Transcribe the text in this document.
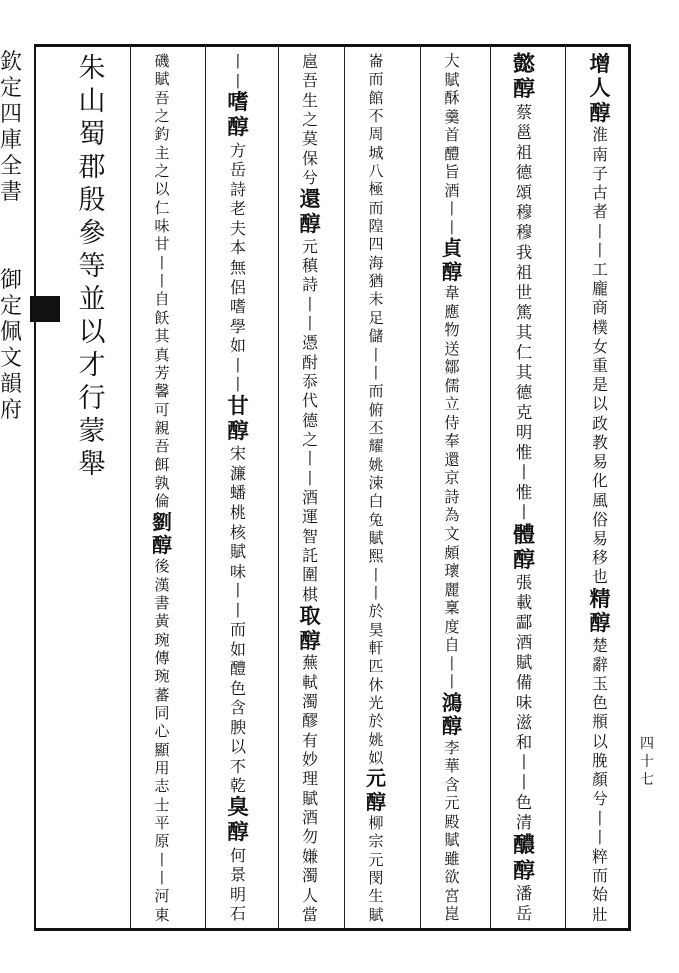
欽定四庫全書
御定佩文韻府
四
十
七
增
人
醇
淮
南
子
古
者
丨
丨
工
龐
商
樸
女
重
是
以
政
教
易
化
風
俗
易
移
也
精
醇
楚
辭
玉
色
頩
以
脕
顏
兮
丨
丨
粹
而
始
壯
懿
醇
蔡
邕
祖
德
頌
穆
穆
我
祖
世
篤
其
仁
其
德
克
明
惟
丨
惟
丨
體
醇
張
載
酃
酒
賦
備
味
滋
和
丨
丨
色
清
醲
醇
潘
岳
大
賦
酥
羹
首
醴
旨
酒
丨
丨
貞
醇
韋
應
物
送
鄒
儒
立
侍
奉
還
京
詩
為
文
頗
瓌
麗
稟
度
自
丨
丨
鴻
醇
李
華
含
元
殿
賦
雖
欲
宮
崑
崙
而
館
不
周
城
八
極
而
隍
四
海
猶
未
足
儲
丨
丨
而
俯
丕
耀
姚
涑
白
兔
賦
熙
丨
丨
於
昊
軒
匹
休
光
於
姚
姒
元
醇
柳
宗
元
閔
生
賦
扈
吾
生
之
莫
保
兮
還
醇
元
稹
詩
丨
丨
憑
酎
忝
代
德
之
丨
丨
酒
運
智
託
圍
棋
取
醇
蕪
軾
濁
醪
有
妙
理
賦
酒
勿
嫌
濁
人
當
丨
丨
嗜
醇
方
岳
詩
老
夫
本
無
侶
嗜
學
如
丨
丨
甘
醇
宋
濂
蟠
桃
核
賦
味
丨
丨
而
如
醴
色
含
腴
以
不
乾
臭
醇
何
景
明
石
磯
賦
吾
之
釣
主
之
以
仁
味
甘
丨
丨
自
飫
其
真
芳
馨
可
親
吾
餌
孰
倫
劉
醇
後
漢
書
黃
琬
傳
琬
蕃
同
心
顯
用
志
士
平
原
丨
丨
河
東
朱
山
蜀
郡
殷
參
等
並
以
才
行
蒙
舉
